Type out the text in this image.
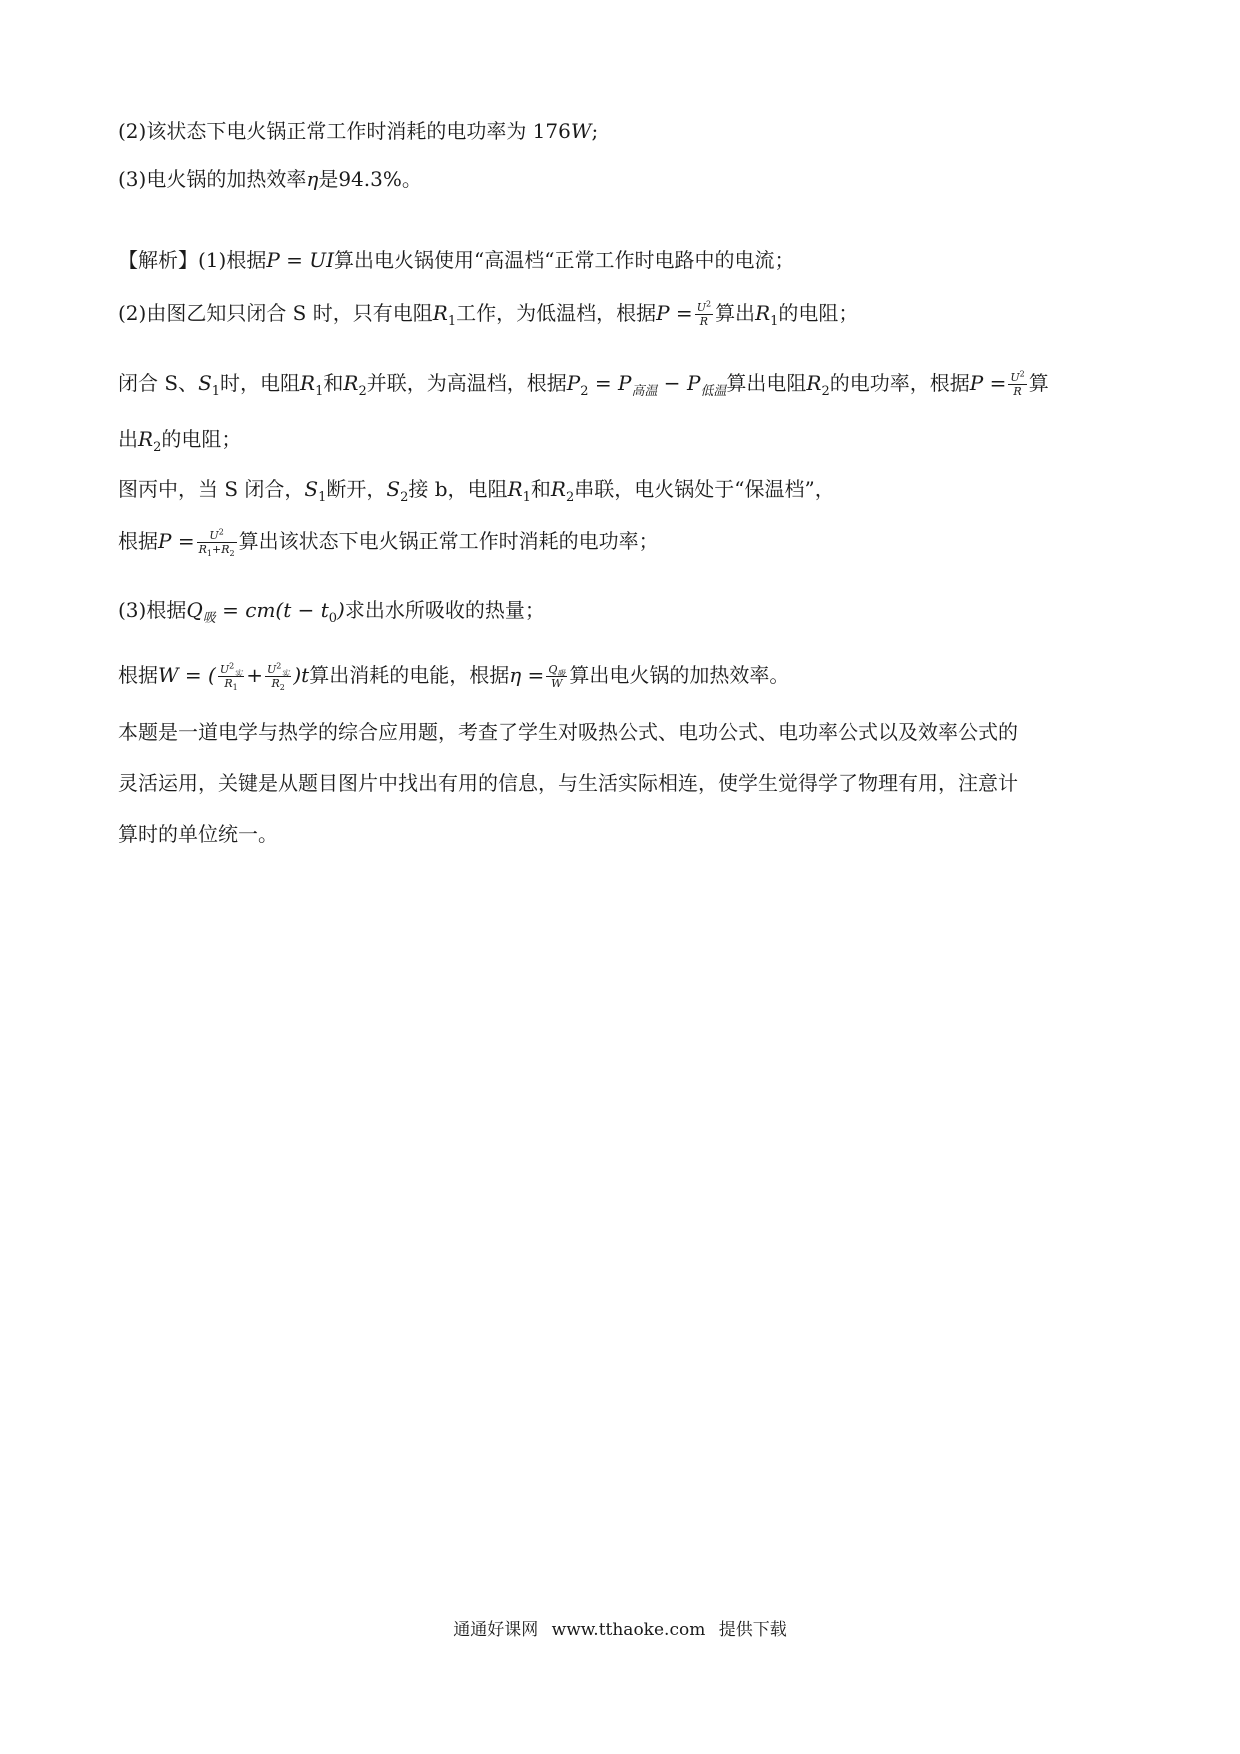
(2)该状态下电火锅正常工作时消耗的电功率为 176W;
(3)电火锅的加热效率η是94.3%。
【解析】(1)根据P = UI算出电火锅使用“高温档“正常工作时电路中的电流；
(2)由图乙知只闭合 S 时，只有电阻$R_1$工作，为低温档，根据$P = \frac{U^2}{R}$ 算出$R_1$的电阻；
闭合 S、$S_1$时，电阻$R_1$和$R_2$并联，为高温档，根据$P_2 = P_{高温} - P_{低温}$算出电阻$R_2$的电功率，根据$P = \frac{U^2}{R}$ 算
出$R_2$的电阻；
图丙中，当 S 闭合，$S_1$断开，$S_2$接 b，电阻$R_1$和$R_2$串联，电火锅处于“保温档”，
根据$P = \frac{U^2}{R_1+R_2}$ 算出该状态下电火锅正常工作时消耗的电功率；
(3)根据$Q_吸 = cm(t - t_0)$求出水所吸收的热量；
根据W = ( $\frac{U^2_实}{R_1} + \frac{U^2_实}{R_2} )t$算出消耗的电能，根据$\eta = \frac{Q_吸}{W}$ 算出电火锅的加热效率。
本题是一道电学与热学的综合应用题，考查了学生对吸热公式、电功公式、电功率公式以及效率公式的
灵活运用，关键是从题目图片中找出有用的信息，与生活实际相连，使学生觉得学了物理有用，注意计
算时的单位统一。
通通好课网 www.tthaoke.com 提供下载
